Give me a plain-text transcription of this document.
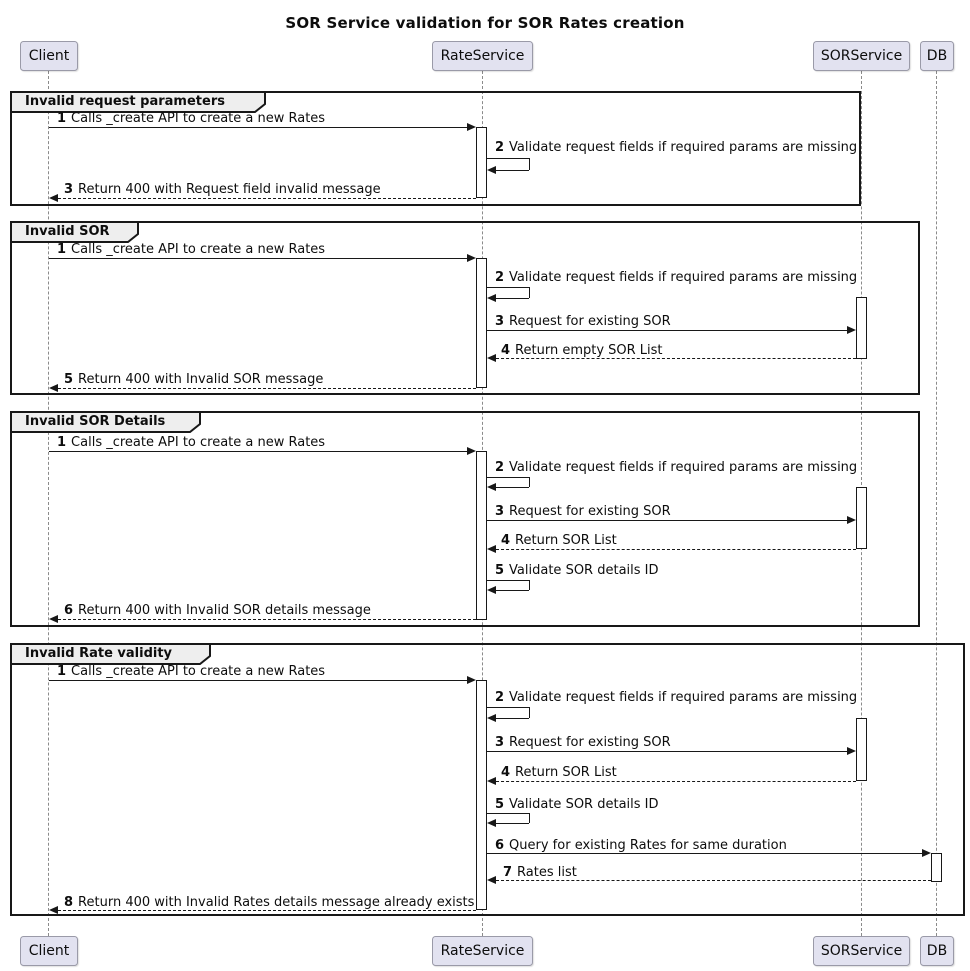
SOR Service validation for SOR Rates creation
Client	RateService	SORService DB
Invalid request parameters
1 Calls _create API to create a new Rates
2 Validate request fields if required params are missing
3 Return 400 with Request field invalid message
Invalid SOR
1 Calls _create API to create a new Rates
2 Validate request fields if required params are missing
3 Request for existing SOR
4 Return empty SOR List
5 Return 400 with Invalid SOR message
Invalid SOR Details
1 Calls _create API to create a new Rates
2 Validate request fields if required params are missing
3 Request for existing SOR
4 Return SOR List
5 Validate SOR details ID
6 Return 400 with Invalid SOR details message
Invalid Rate validity
1 Calls _create API to create a new Rates
2 Validate request fields if required params are missing
3 Request for existing SOR
4 Return SOR List
5 Validate SOR details ID
6 Query for existing Rates for same duration
7 Rates list
8 Return 400 with Invalid Rates details message already exists
Client	RateService	SORService DB
